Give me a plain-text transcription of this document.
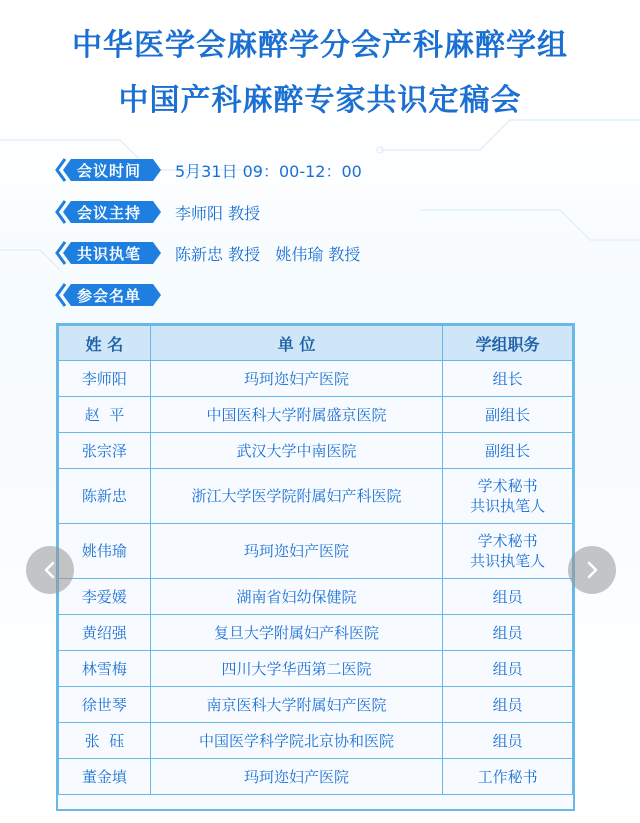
中华医学会麻醉学分会产科麻醉学组
中国产科麻醉专家共识定稿会
会议时间 5月31日 09：00-12：00
会议主持 李师阳 教授
共识执笔 陈新忠 教授   姚伟瑜 教授
参会名单
姓 名	单 位	学组职务
李师阳	玛珂迩妇产医院	组长
赵  平	中国医科大学附属盛京医院	副组长
张宗泽	武汉大学中南医院	副组长
陈新忠	浙江大学医学院附属妇产科医院	学术秘书
共识执笔人

姚伟瑜	玛珂迩妇产医院	学术秘书
共识执笔人

李爱媛	湖南省妇幼保健院	组员
黄绍强	复旦大学附属妇产科医院	组员
林雪梅	四川大学华西第二医院	组员
徐世琴	南京医科大学附属妇产医院	组员
张  砡	中国医学科学院北京协和医院	组员
董金填	玛珂迩妇产医院	工作秘书
